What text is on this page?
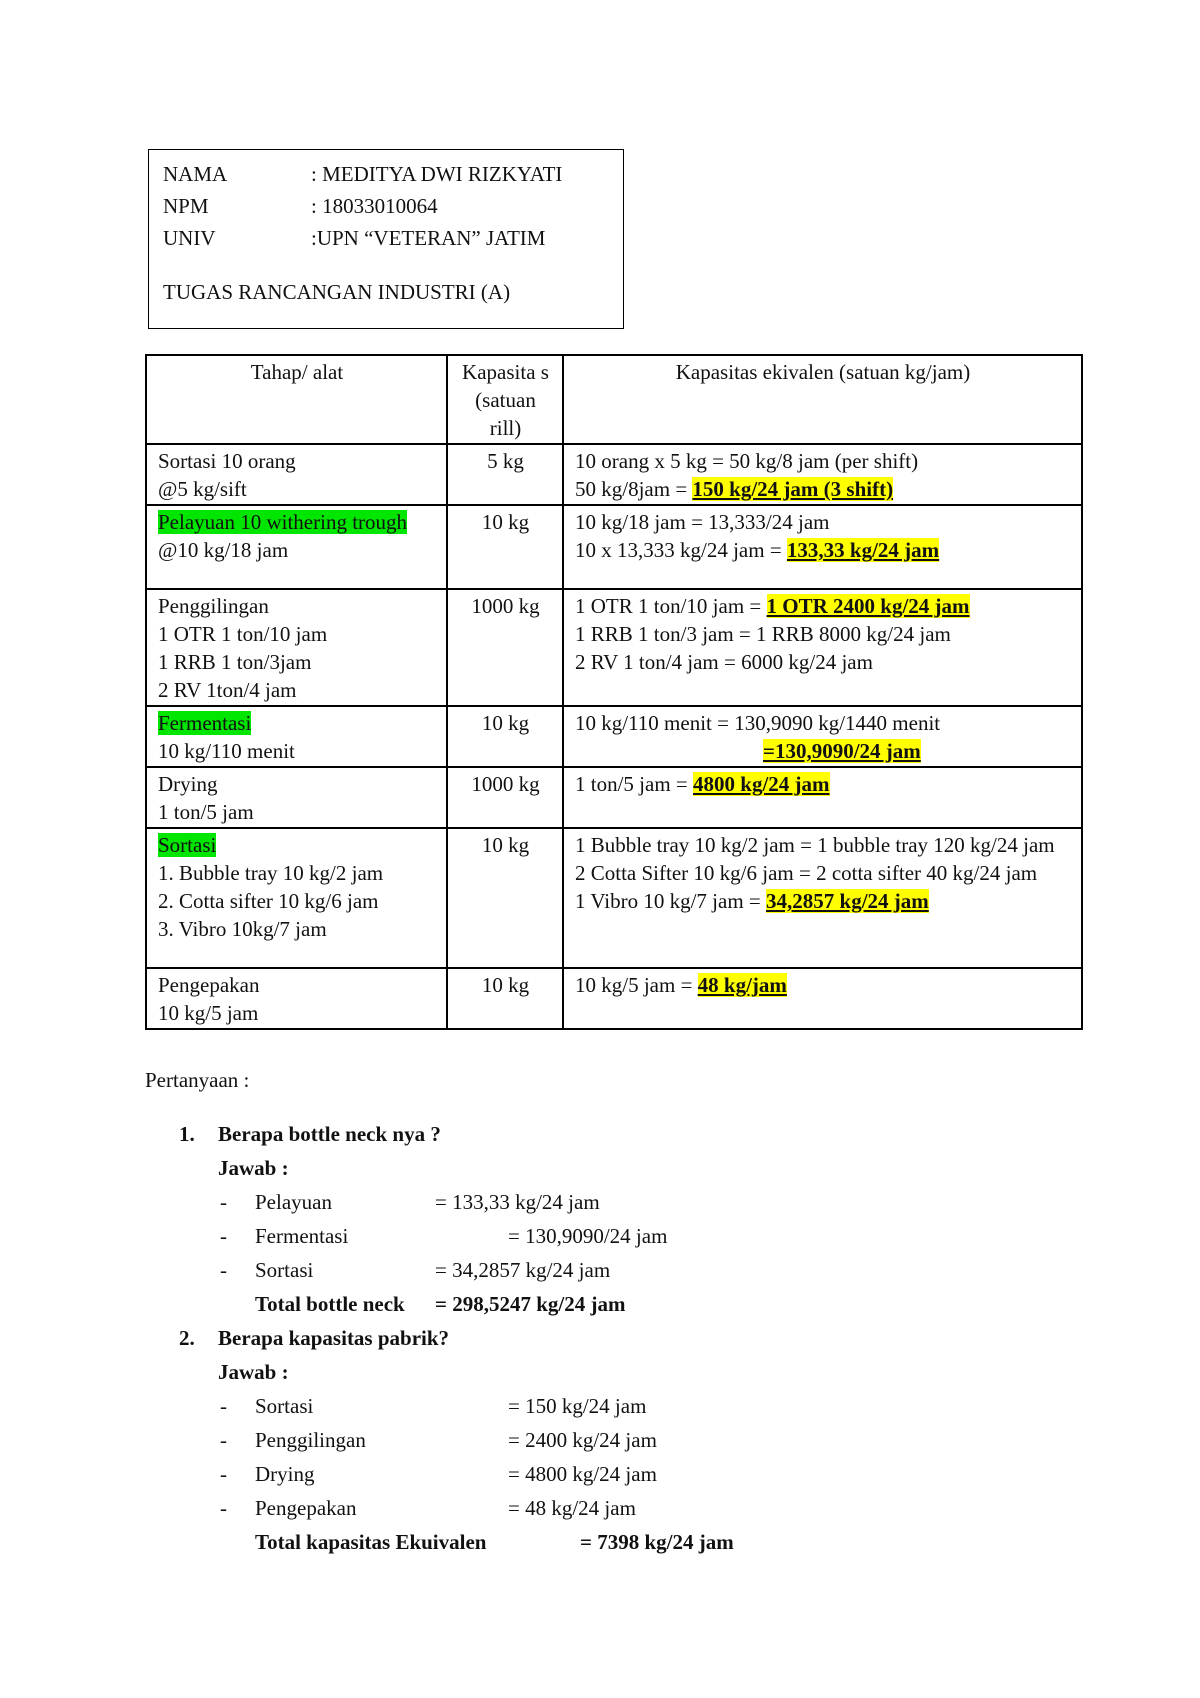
NAMA	: MEDITYA DWI RIZKYATI
NPM	: 18033010064
UNIV	:UPN “VETERAN” JATIM
TUGAS RANCANGAN INDUSTRI (A)
Tahap/ alat	Kapasita s (satuan rill)	Kapasitas ekivalen (satuan kg/jam)

Sortasi 10 orang
@5 kg/sift	5 kg	10 orang x 5 kg = 50 kg/8 jam (per shift)
50 kg/8jam = 150 kg/24 jam (3 shift)

Pelayuan 10 withering trough
@10 kg/18 jam	10 kg	10 kg/18 jam = 13,333/24 jam
10 x 13,333 kg/24 jam = 133,33 kg/24 jam

Penggilingan
1 OTR 1 ton/10 jam
1 RRB 1 ton/3jam
2 RV 1ton/4 jam	1000 kg	1 OTR 1 ton/10 jam = 1 OTR 2400 kg/24 jam
1 RRB 1 ton/3 jam = 1 RRB 8000 kg/24 jam
2 RV 1 ton/4 jam = 6000 kg/24 jam

Fermentasi
10 kg/110 menit	10 kg	10 kg/110 menit = 130,9090 kg/1440 menit
=130,9090/24 jam

Drying
1 ton/5 jam	1000 kg	1 ton/5 jam = 4800 kg/24 jam

Sortasi
1. Bubble tray 10 kg/2 jam
2. Cotta sifter 10 kg/6 jam
3. Vibro 10kg/7 jam	10 kg	1 Bubble tray 10 kg/2 jam = 1 bubble tray 120 kg/24 jam
2 Cotta Sifter 10 kg/6 jam = 2 cotta sifter 40 kg/24 jam
1 Vibro 10 kg/7 jam = 34,2857 kg/24 jam

Pengepakan
10 kg/5 jam	10 kg	10 kg/5 jam = 48 kg/jam
Pertanyaan :
1. Berapa bottle neck nya ?
Jawab :
- Pelayuan	= 133,33 kg/24 jam
- Fermentasi	= 130,9090/24 jam
- Sortasi	= 34,2857 kg/24 jam
Total bottle neck = 298,5247 kg/24 jam
2. Berapa kapasitas pabrik?
Jawab :
- Sortasi	= 150 kg/24 jam
- Penggilingan	= 2400 kg/24 jam
- Drying	= 4800 kg/24 jam
- Pengepakan	= 48 kg/24 jam
Total kapasitas Ekuivalen	= 7398 kg/24 jam
